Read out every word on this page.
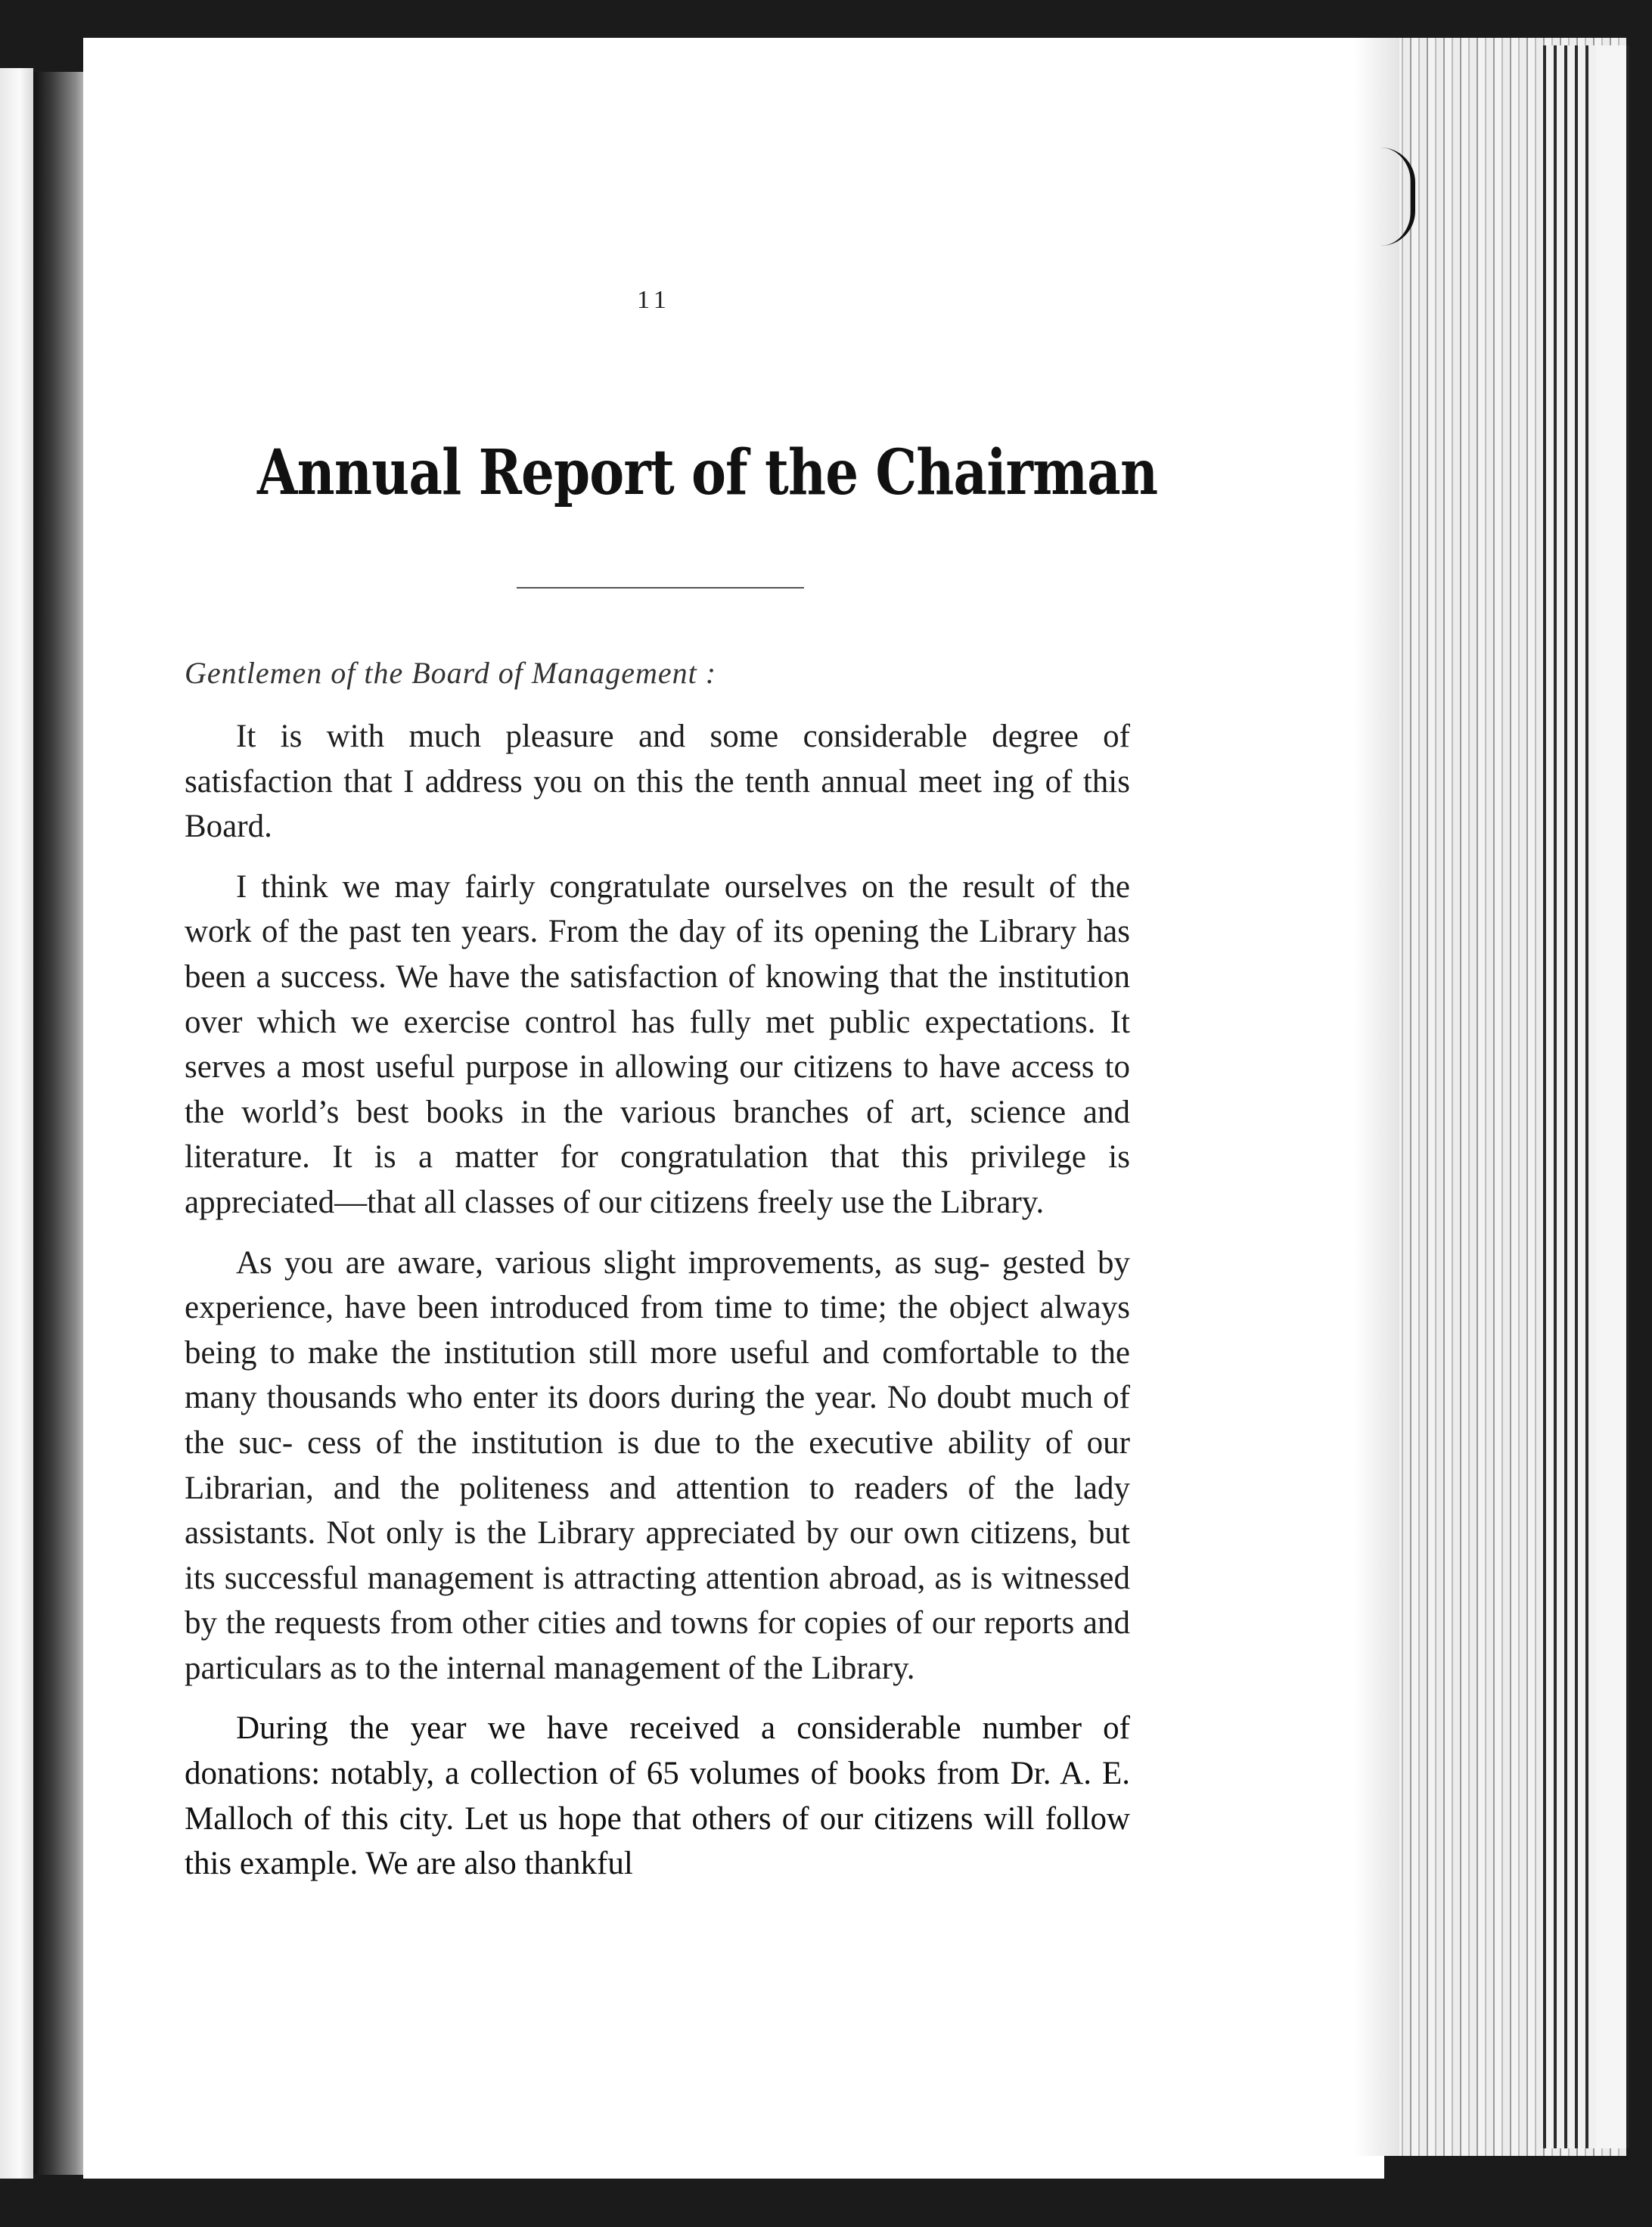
11
Annual Report of the Chairman
Gentlemen of the Board of Management :

It is with much pleasure and some considerable degree of satisfaction that I address you on this the tenth annual meet ing of this Board.

I think we may fairly congratulate ourselves on the result of the work of the past ten years. From the day of its opening the Library has been a success. We have the satisfaction of knowing that the institution over which we exercise control has fully met public expectations. It serves a most useful purpose in allowing our citizens to have access to the world’s best books in the various branches of art, science and literature. It is a matter for congratulation that this privilege is appreciated—that all classes of our citizens freely use the Library.

As you are aware, various slight improvements, as sug- gested by experience, have been introduced from time to time; the object always being to make the institution still more useful and comfortable to the many thousands who enter its doors during the year. No doubt much of the suc- cess of the institution is due to the executive ability of our Librarian, and the politeness and attention to readers of the lady assistants. Not only is the Library appreciated by our own citizens, but its successful management is attracting attention abroad, as is witnessed by the requests from other cities and towns for copies of our reports and particulars as to the internal management of the Library.

During the year we have received a considerable number of donations: notably, a collection of 65 volumes of books from Dr. A. E. Malloch of this city. Let us hope that others of our citizens will follow this example. We are also thankful
